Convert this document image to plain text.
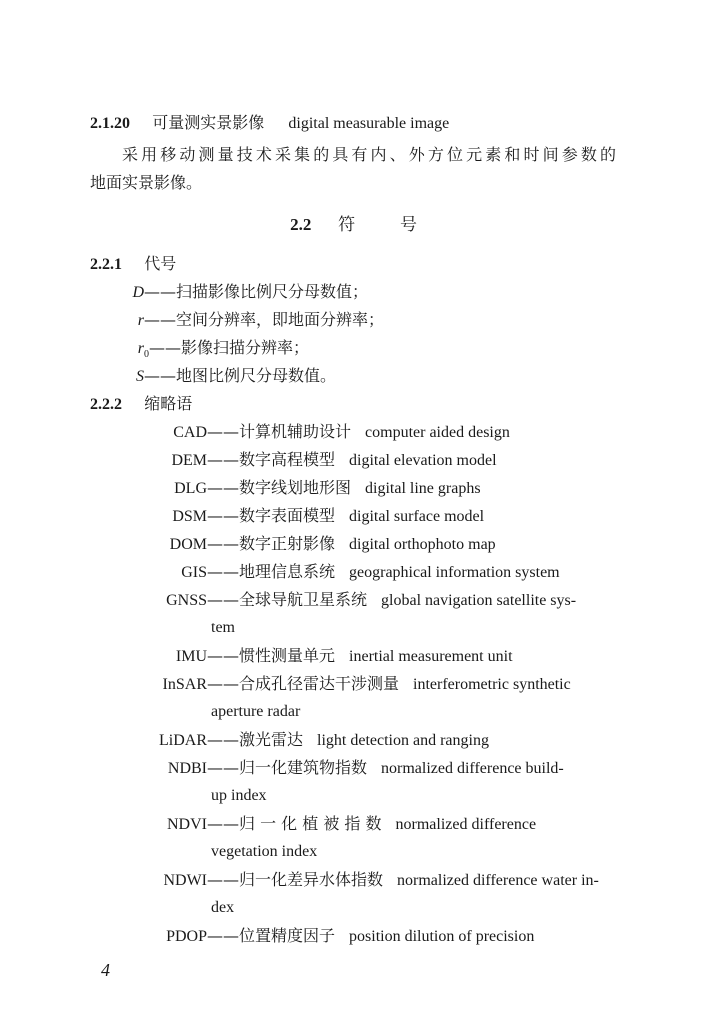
2.1.20 可量测实景影像 digital measurable image
采用移动测量技术采集的具有内、外方位元素和时间参数的
地面实景影像。
2.2 符	号
2.2.1 代号
D——扫描影像比例尺分母数值；
r——空间分辨率，即地面分辨率；
$r_0——$影像扫描分辨率；
S——地图比例尺分母数值。
2.2.2 缩略语
CAD——计算机辅助设计 computer aided design
DEM——数字高程模型 digital elevation model
DLG——数字线划地形图 digital line graphs
DSM——数字表面模型 digital surface model
DOM——数字正射影像 digital orthophoto map
GIS——地理信息系统 geographical information system
GNSS——全球导航卫星系统 global navigation satellite sys-
tem
IMU——惯性测量单元 inertial measurement unit
InSAR——合成孔径雷达干涉测量 interferometric synthetic
aperture radar
LiDAR——激光雷达 light detection and ranging
NDBI——归一化建筑物指数 normalized difference build-
up index
NDVI——归 一 化 植 被 指 数 normalized difference
vegetation index
NDWI——归一化差异水体指数 normalized difference water in-
dex
PDOP——位置精度因子 position dilution of precision
4
